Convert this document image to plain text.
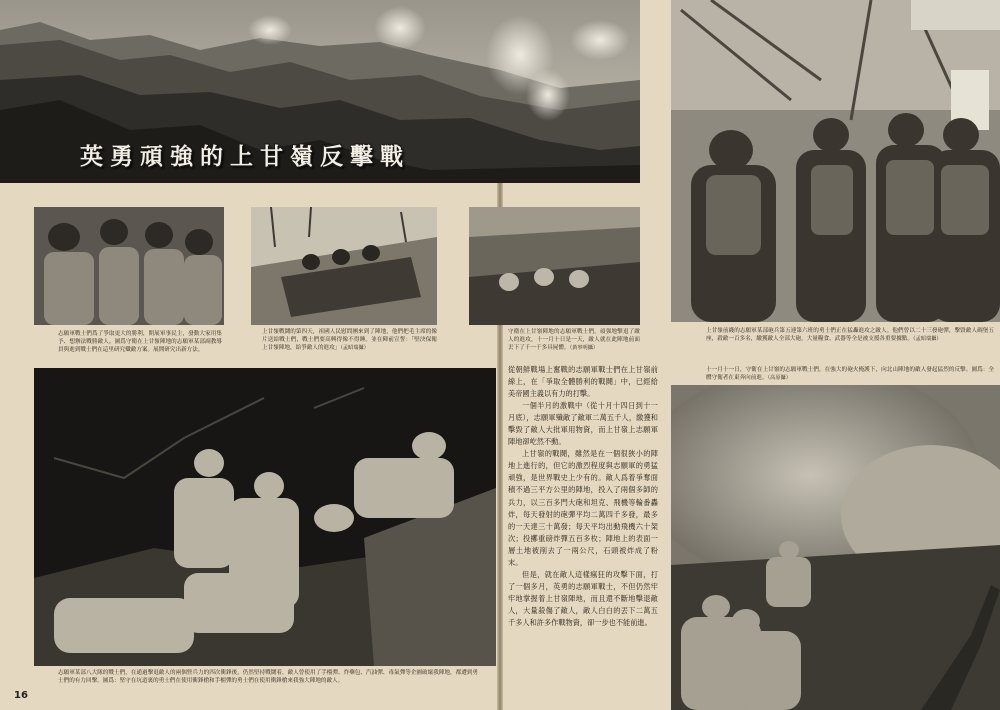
英勇頑強的上甘嶺反擊戰
志願軍戰士們爲了爭取更大的勝利，開展軍事民主，發動大家用集予、想辦法戰勝敵人。圖爲守衛在上甘嶺陣地的志願軍某部副教導員與進到戰士們在這里研究殲敵方案。展開研究出新方法。
上甘嶺戰鬪的第四天，祖國人民慰問團來到了陣地，他們把毛主席的像片送給戰士們，戰士們要高興得像不得睡。並在陣前宣誓：「堅決保衛上甘嶺陣地，給爭敵人的進攻」（孟昭瑞攝）
守衛在上甘嶺陣地的志願軍戰士們，頑强地擊退了敵人的進攻，十一月十日是一天，敵人就在此陣地前面丟下了千一千多具屍體。（黃寧明攝）
上甘嶺前綫的志願軍某部砲兵第五連第六班的勇士們正在猛轟進攻之敵人。他們曾以二十三發砲彈，擊毀敵人碉堡五座，殺敵一百多名，繳獲敵人全部大砲，大量糧食、武器等全是被支援各重要據點。（孟昭瑞攝）
志願軍某部八大隊的戰士們，在通過擊退敵人的兩個營兵力的四次衝鋒後，仍然堅持戰鬪着，敵人曾使用了手榴彈、炸藥包、汽油彈、毒氣彈等企圖破壞我陣地，都遭到勇士們的有力回擊。圖爲：堅守在坑道裏的勇士們在使用衝鋒槍和手榴彈的勇士們在使用衝鋒槍來我強大陣地的敵人。

從朝鮮戰場上奮戰的志願軍戰士們在上甘嶺前線上，在「爭取全體勝利的戰鬪」中，已經給美帝國主義以有力的打擊。

一個半月的激戰中（從十月十四日到十一月底），志願軍殲敵了敵軍二萬五千人，繳獲和擊毀了敵人大批軍用物資，而上甘嶺上志願軍陣地卻屹然不動。

上甘嶺的戰鬪，雖然是在一個很狹小的陣地上進行的，但它的激烈程度與志願軍的勇猛頑強，是世界戰史上少有的。敵人爲着爭奪面積不過三平方公里的陣地，投入了兩個多師的兵力，以三百多門大砲和坦克、飛機等輪番轟炸，每天發射的砲彈平均二萬四千多發，最多的一天達三十萬發；每天平均出動飛機六十架次；投擲重磅炸彈五百多枚；陣地上的表面一層土地被削去了一兩公尺，石頭被炸成了粉末。

但是，就在敵人這樣瘋狂的攻擊下面，打了一個多月，英勇的志願軍戰士，不但仍然牢牢地掌握着上甘嶺陣地，而且還不斷地擊退敵人，大量殺傷了敵人，敵人白白的丟下二萬五千多人和許多作戰物資，卻一步也不能前進。

十一月十一日，守衛在上甘嶺的志願軍戰士們，在強大的砲火掩護下，向北山陣地的敵人發起猛烈的反擊。圖爲：全體守衛者在東奔向前進。（高原攝）
16
